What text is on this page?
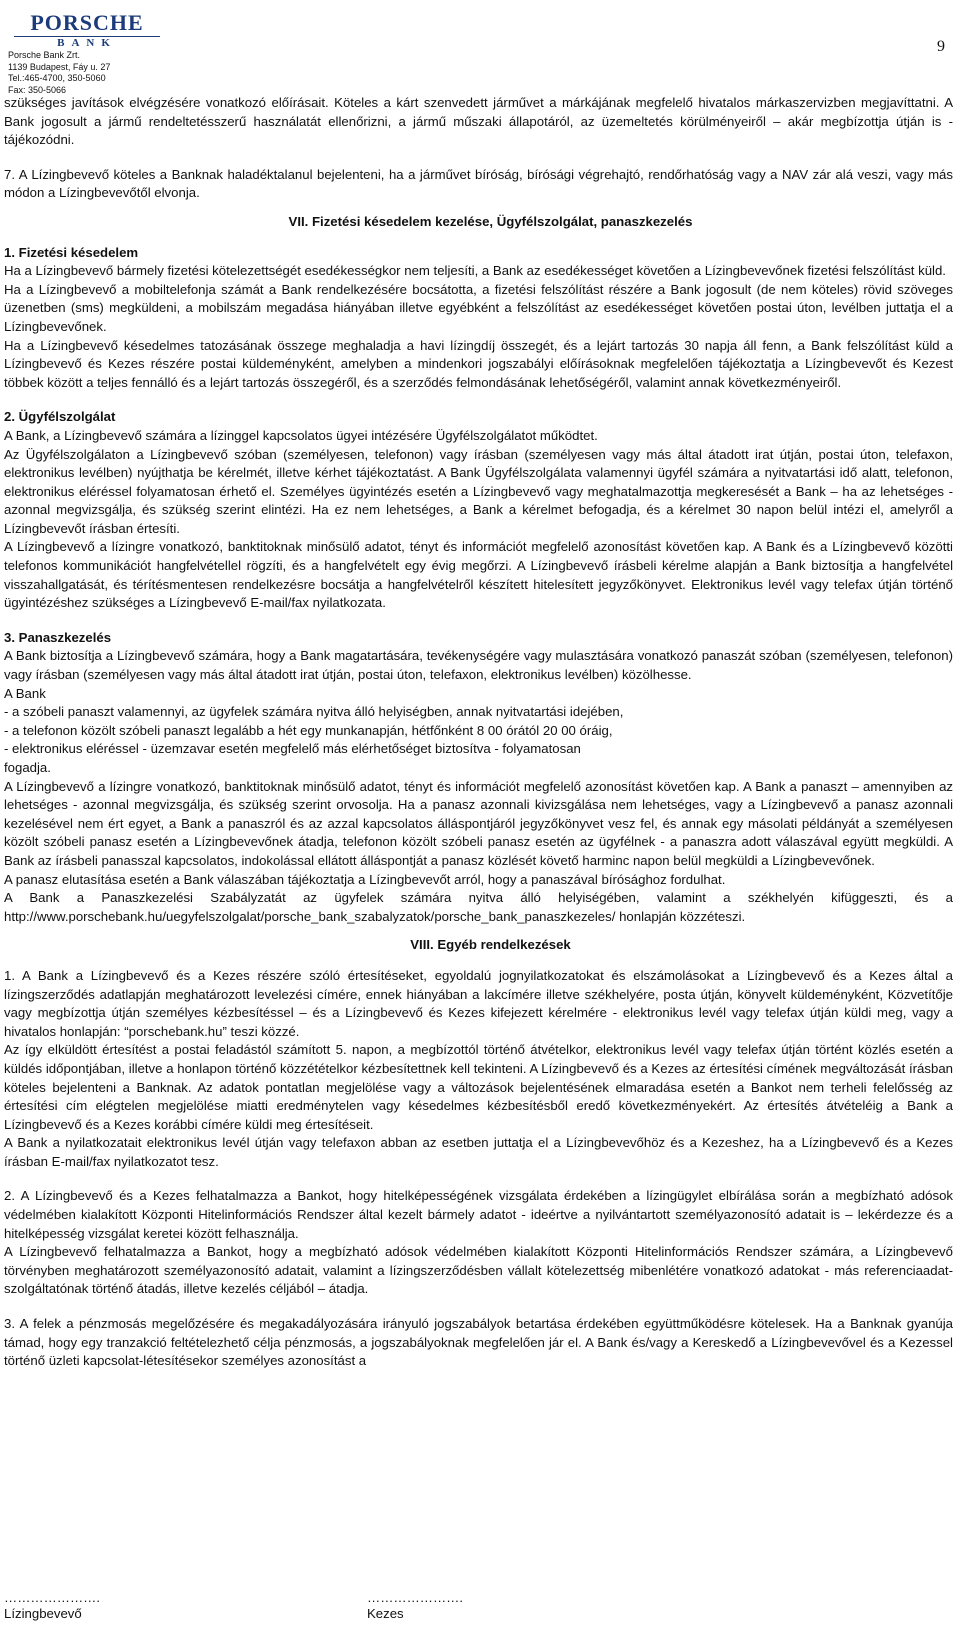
PORSCHE
BANK
Porsche Bank Zrt.
1139 Budapest, Fáy u. 27
Tel.:465-4700, 350-5060
Fax: 350-5066
9

szükséges javítások elvégzésére vonatkozó előírásait. Köteles a kárt szenvedett járművet a márkájának megfelelő hivatalos márkaszervizben megjavíttatni. A Bank jogosult a jármű rendeltetésszerű használatát ellenőrizni, a jármű műszaki állapotáról, az üzemeltetés körülményeiről – akár megbízottja útján is - tájékozódni.

7. A Lízingbevevő köteles a Banknak haladéktalanul bejelenteni, ha a járművet bíróság, bírósági végrehajtó, rendőrhatóság vagy a NAV zár alá veszi, vagy más módon a Lízingbevevőtől elvonja.

VII. Fizetési késedelem kezelése, Ügyfélszolgálat, panaszkezelés

1. Fizetési késedelem

Ha a Lízingbevevő bármely fizetési kötelezettségét esedékességkor nem teljesíti, a Bank az esedékességet követően a Lízingbevevőnek fizetési felszólítást küld.

Ha a Lízingbevevő a mobiltelefonja számát a Bank rendelkezésére bocsátotta, a fizetési felszólítást részére a Bank jogosult (de nem köteles) rövid szöveges üzenetben (sms) megküldeni, a mobilszám megadása hiányában illetve egyébként a felszólítást az esedékességet követően postai úton, levélben juttatja el a Lízingbevevőnek.

Ha a Lízingbevevő késedelmes tatozásának összege meghaladja a havi lízingdíj összegét, és a lejárt tartozás 30 napja áll fenn, a Bank felszólítást küld a Lízingbevevő és Kezes részére postai küldeményként, amelyben a mindenkori jogszabályi előírásoknak megfelelően tájékoztatja a Lízingbevevőt és Kezest többek között a teljes fennálló és a lejárt tartozás összegéről, és a szerződés felmondásának lehetőségéről, valamint annak következményeiről.

2. Ügyfélszolgálat

A Bank, a Lízingbevevő számára a lízinggel kapcsolatos ügyei intézésére Ügyfélszolgálatot működtet.

Az Ügyfélszolgálaton a Lízingbevevő szóban (személyesen, telefonon) vagy írásban (személyesen vagy más által átadott irat útján, postai úton, telefaxon, elektronikus levélben) nyújthatja be kérelmét, illetve kérhet tájékoztatást. A Bank Ügyfélszolgálata valamennyi ügyfél számára a nyitvatartási idő alatt, telefonon, elektronikus eléréssel folyamatosan érhető el. Személyes ügyintézés esetén a Lízingbevevő vagy meghatalmazottja megkeresését a Bank – ha az lehetséges - azonnal megvizsgálja, és szükség szerint elintézi. Ha ez nem lehetséges, a Bank a kérelmet befogadja, és a kérelmet 30 napon belül intézi el, amelyről a Lízingbevevőt írásban értesíti.

A Lízingbevevő a lízingre vonatkozó, banktitoknak minősülő adatot, tényt és információt megfelelő azonosítást követően kap. A Bank és a Lízingbevevő közötti telefonos kommunikációt hangfelvétellel rögzíti, és a hangfelvételt egy évig megőrzi. A Lízingbevevő írásbeli kérelme alapján a Bank biztosítja a hangfelvétel visszahallgatását, és térítésmentesen rendelkezésre bocsátja a hangfelvételről készített hitelesített jegyzőkönyvet. Elektronikus levél vagy telefax útján történő ügyintézéshez szükséges a Lízingbevevő E-mail/fax nyilatkozata.

3. Panaszkezelés

A Bank biztosítja a Lízingbevevő számára, hogy a Bank magatartására, tevékenységére vagy mulasztására vonatkozó panaszát szóban (személyesen, telefonon) vagy írásban (személyesen vagy más által átadott irat útján, postai úton, telefaxon, elektronikus levélben) közölhesse.

A Bank

- a szóbeli panaszt valamennyi, az ügyfelek számára nyitva álló helyiségben, annak nyitvatartási idejében,

- a telefonon közölt szóbeli panaszt legalább a hét egy munkanapján, hétfőnként 8 00 órától 20 00 óráig,

- elektronikus eléréssel - üzemzavar esetén megfelelő más elérhetőséget biztosítva - folyamatosan

fogadja.

A Lízingbevevő a lízingre vonatkozó, banktitoknak minősülő adatot, tényt és információt megfelelő azonosítást követően kap. A Bank a panaszt – amennyiben az lehetséges - azonnal megvizsgálja, és szükség szerint orvosolja. Ha a panasz azonnali kivizsgálása nem lehetséges, vagy a Lízingbevevő a panasz azonnali kezelésével nem ért egyet, a Bank a panaszról és az azzal kapcsolatos álláspontjáról jegyzőkönyvet vesz fel, és annak egy másolati példányát a személyesen közölt szóbeli panasz esetén a Lízingbevevőnek átadja, telefonon közölt szóbeli panasz esetén az ügyfélnek - a panaszra adott válaszával együtt megküldi. A Bank az írásbeli panasszal kapcsolatos, indokolással ellátott álláspontját a panasz közlését követő harminc napon belül megküldi a Lízingbevevőnek.

A panasz elutasítása esetén a Bank válaszában tájékoztatja a Lízingbevevőt arról, hogy a panaszával bírósághoz fordulhat.

A Bank a Panaszkezelési Szabályzatát az ügyfelek számára nyitva álló helyiségében, valamint a székhelyén kifüggeszti, és a http://www.porschebank.hu/uegyfelszolgalat/porsche_bank_szabalyzatok/porsche_bank_panaszkezeles/ honlapján közzéteszi.

VIII. Egyéb rendelkezések

1. A Bank a Lízingbevevő és a Kezes részére szóló értesítéseket, egyoldalú jognyilatkozatokat és elszámolásokat a Lízingbevevő és a Kezes által a lízingszerződés adatlapján meghatározott levelezési címére, ennek hiányában a lakcímére illetve székhelyére, posta útján, könyvelt küldeményként, Közvetítője vagy megbízottja útján személyes kézbesítéssel – és a Lízingbevevő és Kezes kifejezett kérelmére - elektronikus levél vagy telefax útján küldi meg, vagy a hivatalos honlapján: “porschebank.hu” teszi közzé.

Az így elküldött értesítést a postai feladástól számított 5. napon, a megbízottól történő átvételkor, elektronikus levél vagy telefax útján történt közlés esetén a küldés időpontjában, illetve a honlapon történő közzétételkor kézbesítettnek kell tekinteni. A Lízingbevevő és a Kezes az értesítési címének megváltozását írásban köteles bejelenteni a Banknak. Az adatok pontatlan megjelölése vagy a változások bejelentésének elmaradása esetén a Bankot nem terheli felelősség az értesítési cím elégtelen megjelölése miatti eredménytelen vagy késedelmes kézbesítésből eredő következményekért. Az értesítés átvételéig a Bank a Lízingbevevő és a Kezes korábbi címére küldi meg értesítéseit.

A Bank a nyilatkozatait elektronikus levél útján vagy telefaxon abban az esetben juttatja el a Lízingbevevőhöz és a Kezeshez, ha a Lízingbevevő és a Kezes írásban E-mail/fax nyilatkozatot tesz.

2. A Lízingbevevő és a Kezes felhatalmazza a Bankot, hogy hitelképességének vizsgálata érdekében a lízingügylet elbírálása során a megbízható adósok védelmében kialakított Központi Hitelinformációs Rendszer által kezelt bármely adatot - ideértve a nyilvántartott személyazonosító adatait is – lekérdezze és a hitelképesség vizsgálat keretei között felhasználja.

A Lízingbevevő felhatalmazza a Bankot, hogy a megbízható adósok védelmében kialakított Központi Hitelinformációs Rendszer számára, a Lízingbevevő törvényben meghatározott személyazonosító adatait, valamint a lízingszerződésben vállalt kötelezettség mibenlétére vonatkozó adatokat - más referenciaadat-szolgáltatónak történő átadás, illetve kezelés céljából – átadja.

3. A felek a pénzmosás megelőzésére és megakadályozására irányuló jogszabályok betartása érdekében együttműködésre kötelesek. Ha a Banknak gyanúja támad, hogy egy tranzakció feltételezhető célja pénzmosás, a jogszabályoknak megfelelően jár el. A Bank és/vagy a Kereskedő a Lízingbevevővel és a Kezessel történő üzleti kapcsolat-létesítésekor személyes azonosítást a

………………….
Lízingbevevő
………………….
Kezes
